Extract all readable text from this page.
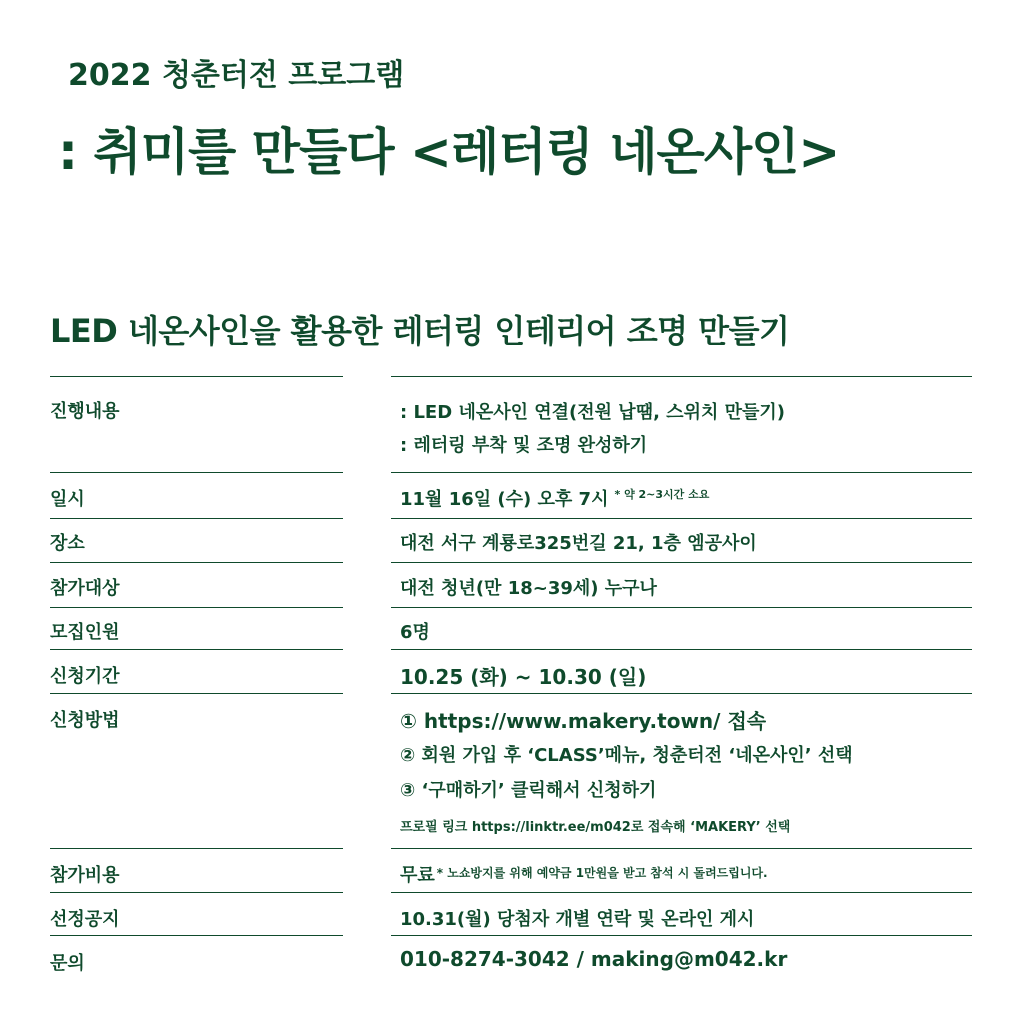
2022 청춘터전 프로그램
: 취미를 만들다 <레터링 네온사인>
LED 네온사인을 활용한 레터링 인테리어 조명 만들기
진행내용	: LED 네온사인 연결(전원 납땜, 스위치 만들기)
: 레터링 부착 및 조명 완성하기
일시	11월 16일 (수) 오후 7시 $^{* 약 2\sim 3시간 소요}$
장소	대전 서구 계룡로325번길 21, 1층 엠공사이
참가대상	대전 청년(만 18~39세) 누구나
모집인원	6명
신청기간	10.25 (화) ~ 10.30 (일)
신청방법	① https://www.makery.town/ 접속
② 회원 가입 후 ‘CLASS’메뉴, 청춘터전 ‘네온사인’ 선택
③ ‘구매하기’ 클릭해서 신청하기
프로필 링크 https://linktr.ee/m042로 접속해 ‘MAKERY’ 선택
참가비용	무료 $^{* 노쇼방지를 위해 예약금 1만원을 받고 참석 시 돌려드립니다.}$
선정공지	10.31(월) 당첨자 개별 연락 및 온라인 게시
문의	010-8274-3042 / making@m042.kr
